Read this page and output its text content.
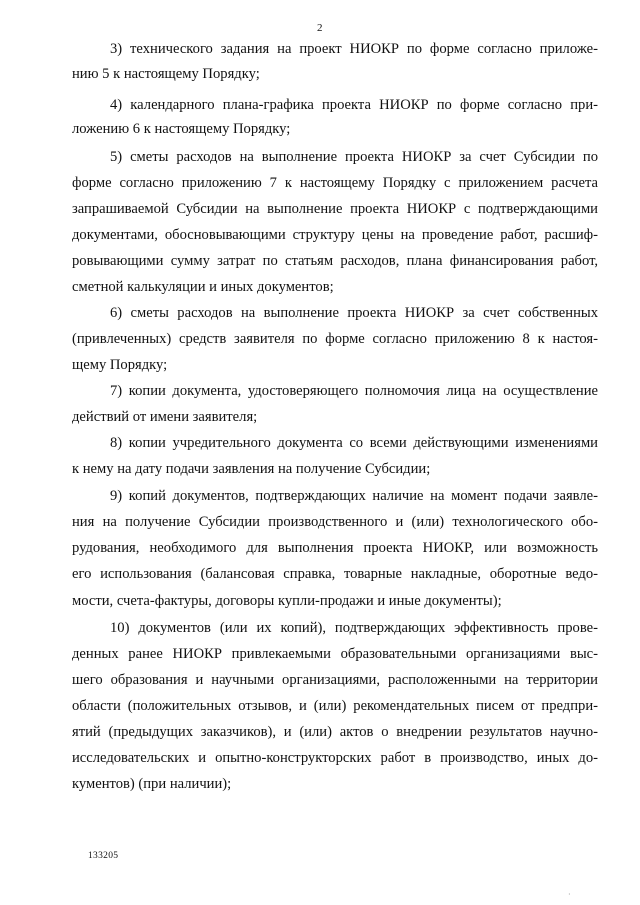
2
3) технического задания на проект НИОКР по форме согласно приложе-
нию 5 к настоящему Порядку;
4) календарного плана-графика проекта НИОКР по форме согласно при-
ложению 6 к настоящему Порядку;
5) сметы расходов на выполнение проекта НИОКР за счет Субсидии по
форме согласно приложению 7 к настоящему Порядку с приложением расчета
запрашиваемой Субсидии на выполнение проекта НИОКР с подтверждающими
документами, обосновывающими структуру цены на проведение работ, расшиф-
ровывающими сумму затрат по статьям расходов, плана финансирования работ,
сметной калькуляции и иных документов;
6) сметы расходов на выполнение проекта НИОКР за счет собственных
(привлеченных) средств заявителя по форме согласно приложению 8 к настоя-
щему Порядку;
7) копии документа, удостоверяющего полномочия лица на осуществление
действий от имени заявителя;
8) копии учредительного документа со всеми действующими изменениями
к нему на дату подачи заявления на получение Субсидии;
9) копий документов, подтверждающих наличие на момент подачи заявле-
ния на получение Субсидии производственного и (или) технологического обо-
рудования, необходимого для выполнения проекта НИОКР, или возможность
его использования (балансовая справка, товарные накладные, оборотные ведо-
мости, счета-фактуры, договоры купли-продажи и иные документы);
10) документов (или их копий), подтверждающих эффективность прове-
денных ранее НИОКР привлекаемыми образовательными организациями выс-
шего образования и научными организациями, расположенными на территории
области (положительных отзывов, и (или) рекомендательных писем от предпри-
ятий (предыдущих заказчиков), и (или) актов о внедрении результатов научно-
исследовательских и опытно-конструкторских работ в производство, иных до-
кументов) (при наличии);
133205
·
